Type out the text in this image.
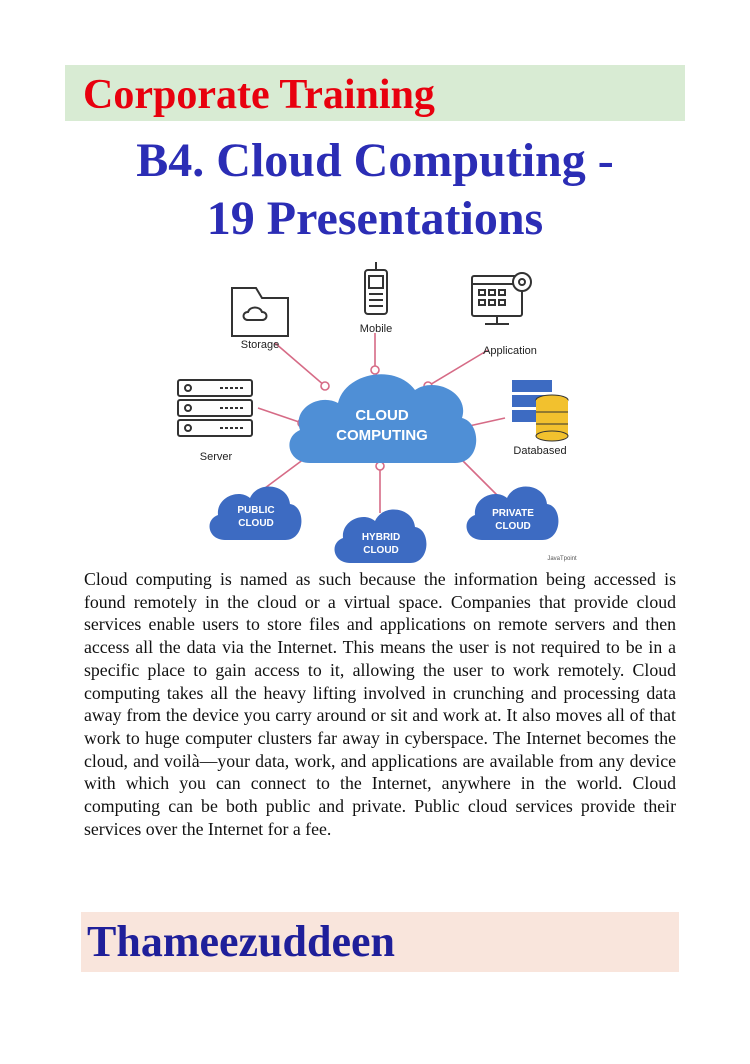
Corporate Training
B4. Cloud Computing -
19 Presentations
CLOUD
COMPUTING
Storage
Mobile
Application
Server	Databased
PUBLIC
CLOUD
HYBRID
CLOUD
PRIVATE
CLOUD
JavaTpoint
Cloud computing is named as such because the information being accessed is found remotely in the cloud or a virtual space. Companies that provide cloud services enable users to store files and applications on remote servers and then access all the data via the Internet. This means the user is not required to be in a specific place to gain access to it, allowing the user to work remotely. Cloud computing takes all the heavy lifting involved in crunching and processing data away from the device you carry around or sit and work at. It also moves all of that work to huge computer clusters far away in cyberspace. The Internet becomes the cloud, and voilà—your data, work, and applications are available from any device with which you can connect to the Internet, anywhere in the world. Cloud computing can be both public and private. Public cloud services provide their services over the Internet for a fee.
Thameezuddeen
